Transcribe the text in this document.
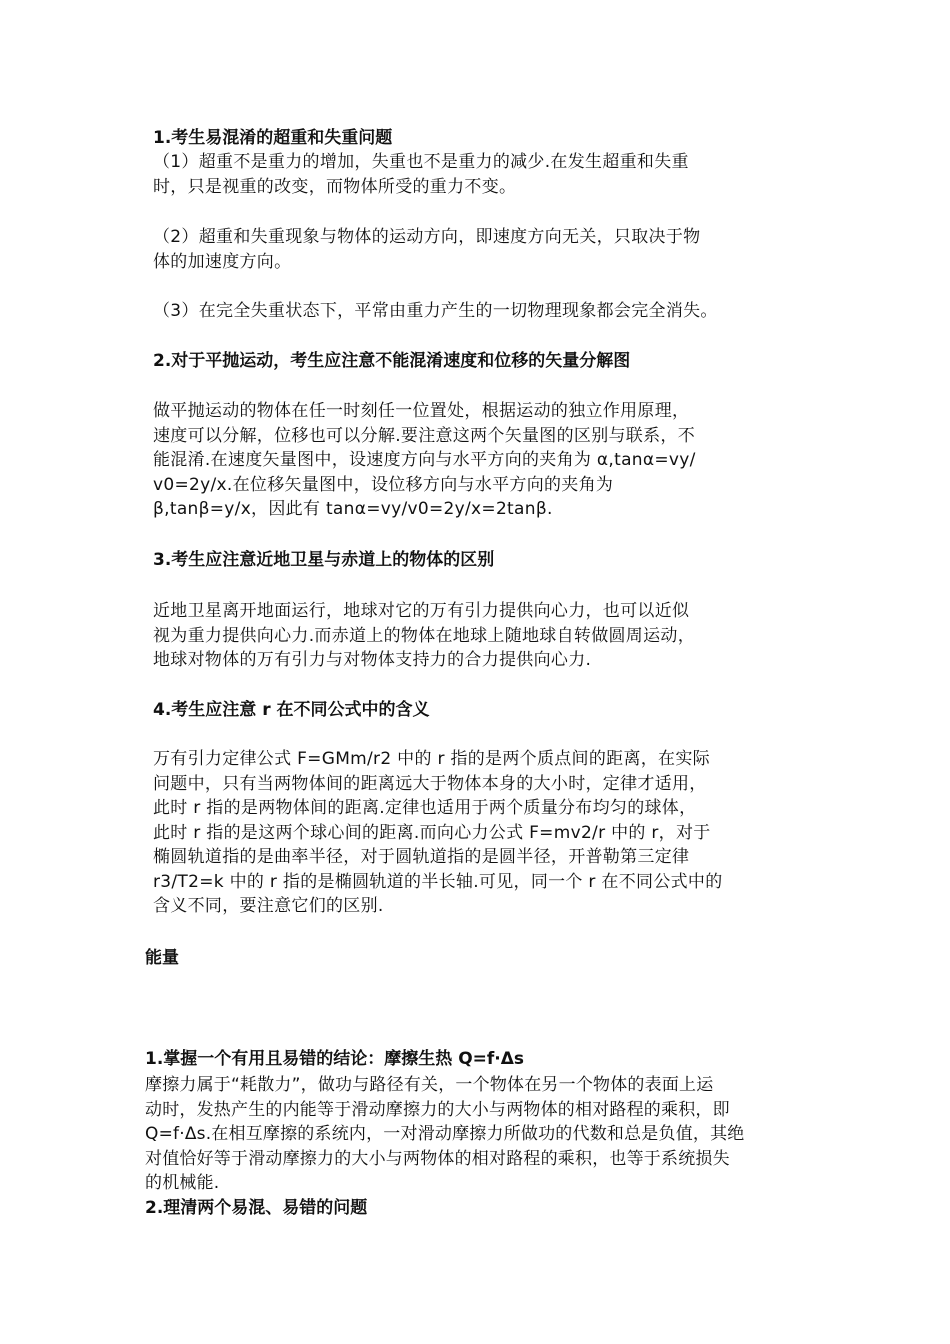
1.考生易混淆的超重和失重问题
（1）超重不是重力的增加，失重也不是重力的减少.在发生超重和失重
时，只是视重的改变，而物体所受的重力不变。
（2）超重和失重现象与物体的运动方向，即速度方向无关，只取决于物
体的加速度方向。
（3）在完全失重状态下，平常由重力产生的一切物理现象都会完全消失。
2.对于平抛运动，考生应注意不能混淆速度和位移的矢量分解图
做平抛运动的物体在任一时刻任一位置处，根据运动的独立作用原理，
速度可以分解，位移也可以分解.要注意这两个矢量图的区别与联系，不
能混淆.在速度矢量图中，设速度方向与水平方向的夹角为 α,tanα=vy/
v0=2y/x.在位移矢量图中，设位移方向与水平方向的夹角为
β,tanβ=y/x，因此有 tanα=vy/v0=2y/x=2tanβ.
3.考生应注意近地卫星与赤道上的物体的区别
近地卫星离开地面运行，地球对它的万有引力提供向心力，也可以近似
视为重力提供向心力.而赤道上的物体在地球上随地球自转做圆周运动，
地球对物体的万有引力与对物体支持力的合力提供向心力.
4.考生应注意 r 在不同公式中的含义
万有引力定律公式 F=GMm/r2 中的 r 指的是两个质点间的距离，在实际
问题中，只有当两物体间的距离远大于物体本身的大小时，定律才适用，
此时 r 指的是两物体间的距离.定律也适用于两个质量分布均匀的球体，
此时 r 指的是这两个球心间的距离.而向心力公式 F=mv2/r 中的 r，对于
椭圆轨道指的是曲率半径，对于圆轨道指的是圆半径，开普勒第三定律
r3/T2=k 中的 r 指的是椭圆轨道的半长轴.可见，同一个 r 在不同公式中的
含义不同，要注意它们的区别.
能量
1.掌握一个有用且易错的结论：摩擦生热 Q=f·Δs
摩擦力属于“耗散力”，做功与路径有关，一个物体在另一个物体的表面上运
动时，发热产生的内能等于滑动摩擦力的大小与两物体的相对路程的乘积，即
Q=f·Δs.在相互摩擦的系统内，一对滑动摩擦力所做功的代数和总是负值，其绝
对值恰好等于滑动摩擦力的大小与两物体的相对路程的乘积，也等于系统损失
的机械能.
2.理清两个易混、易错的问题
